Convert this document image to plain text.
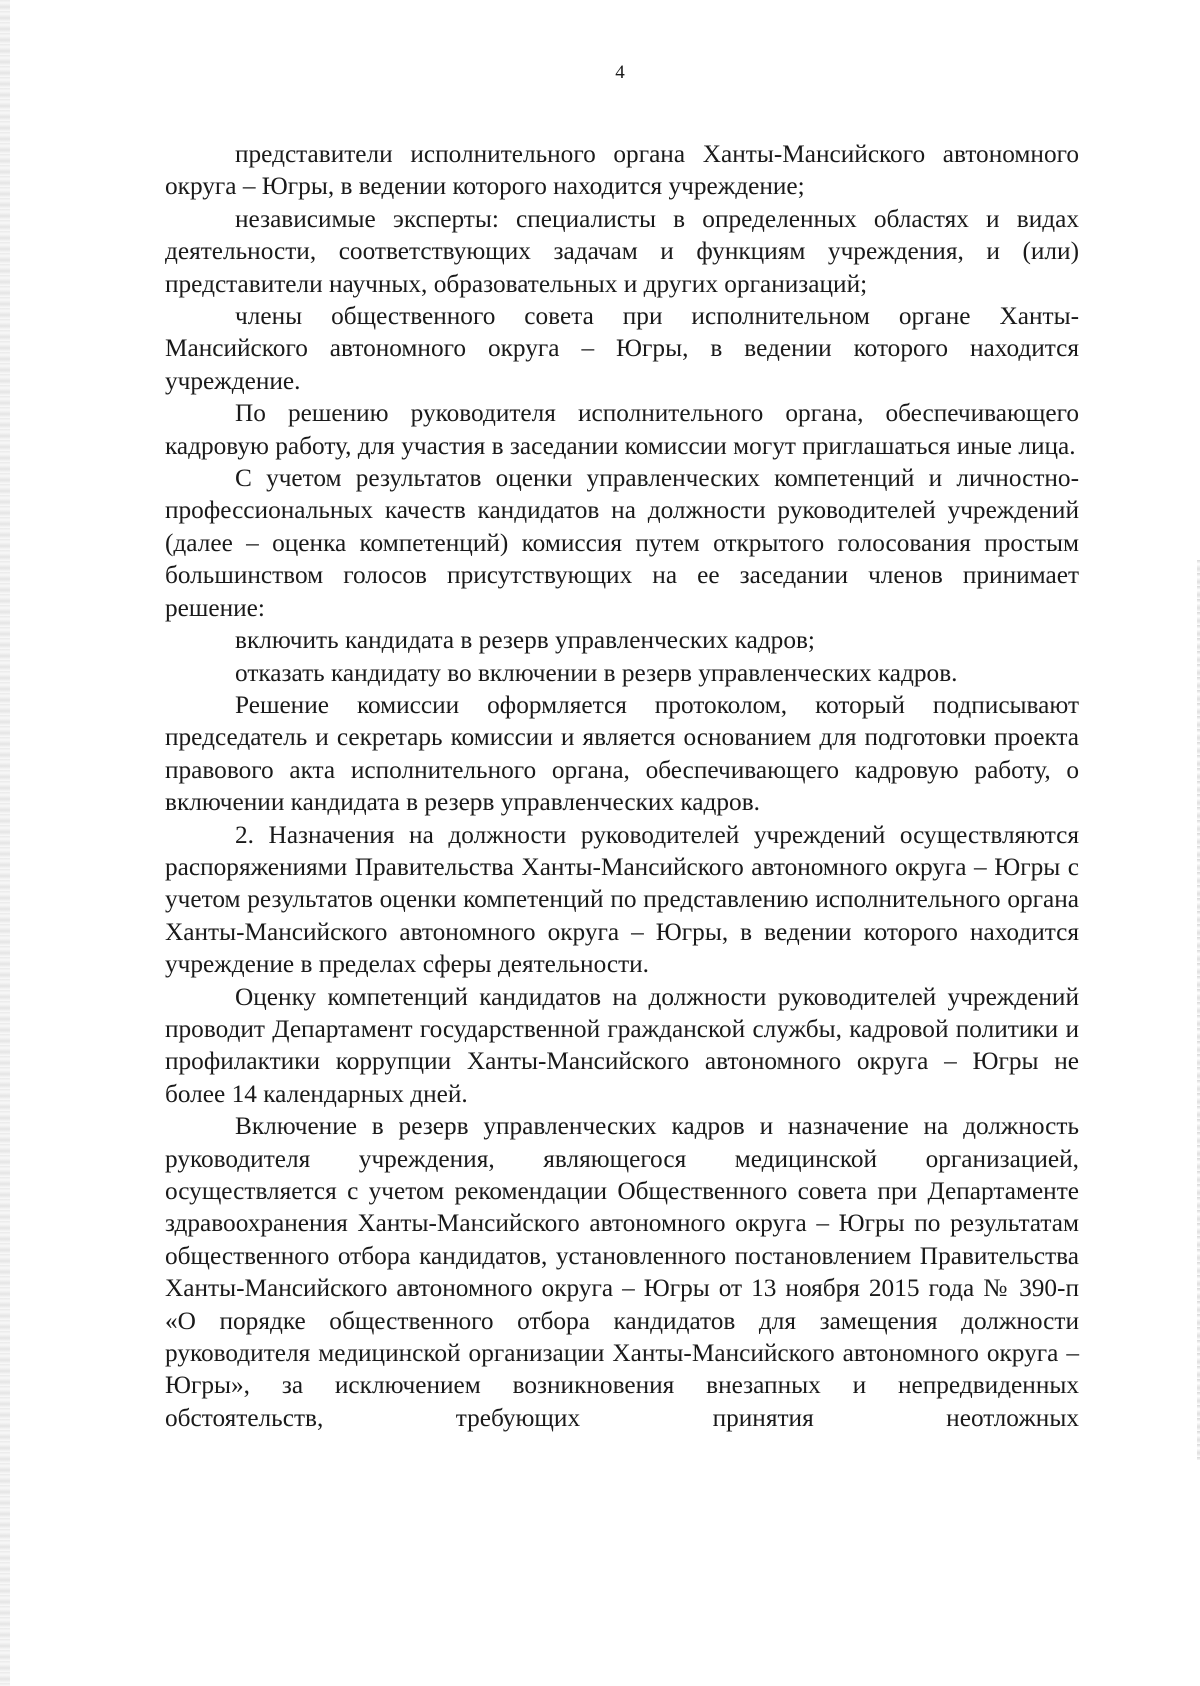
4

представители исполнительного органа Ханты-Мансийского автономного округа – Югры, в ведении которого находится учреждение;

независимые эксперты: специалисты в определенных областях и видах деятельности, соответствующих задачам и функциям учреждения, и (или) представители научных, образовательных и других организаций;

члены общественного совета при исполнительном органе Ханты-Мансийского автономного округа – Югры, в ведении которого находится учреждение.

По решению руководителя исполнительного органа, обеспечивающего кадровую работу, для участия в заседании комиссии могут приглашаться иные лица.

С учетом результатов оценки управленческих компетенций и личностно-профессиональных качеств кандидатов на должности руководителей учреждений (далее – оценка компетенций) комиссия путем открытого голосования простым большинством голосов присутствующих на ее заседании членов принимает решение:

включить кандидата в резерв управленческих кадров;

отказать кандидату во включении в резерв управленческих кадров.

Решение комиссии оформляется протоколом, который подписывают председатель и секретарь комиссии и является основанием для подготовки проекта правового акта исполнительного органа, обеспечивающего кадровую работу, о включении кандидата в резерв управленческих кадров.

2. Назначения на должности руководителей учреждений осуществляются распоряжениями Правительства Ханты-Мансийского автономного округа – Югры с учетом результатов оценки компетенций по представлению исполнительного органа Ханты-Мансийского автономного округа – Югры, в ведении которого находится учреждение в пределах сферы деятельности.

Оценку компетенций кандидатов на должности руководителей учреждений проводит Департамент государственной гражданской службы, кадровой политики и профилактики коррупции Ханты-Мансийского автономного округа – Югры не более 14 календарных дней.

Включение в резерв управленческих кадров и назначение на должность руководителя учреждения, являющегося медицинской организацией, осуществляется с учетом рекомендации Общественного совета при Департаменте здравоохранения Ханты-Мансийского автономного округа – Югры по результатам общественного отбора кандидатов, установленного постановлением Правительства Ханты-Мансийского автономного округа – Югры от 13 ноября 2015 года № 390-п «О порядке общественного отбора кандидатов для замещения должности руководителя медицинской организации Ханты-Мансийского автономного округа – Югры», за исключением возникновения внезапных и непредвиденных обстоятельств, требующих принятия неотложных
